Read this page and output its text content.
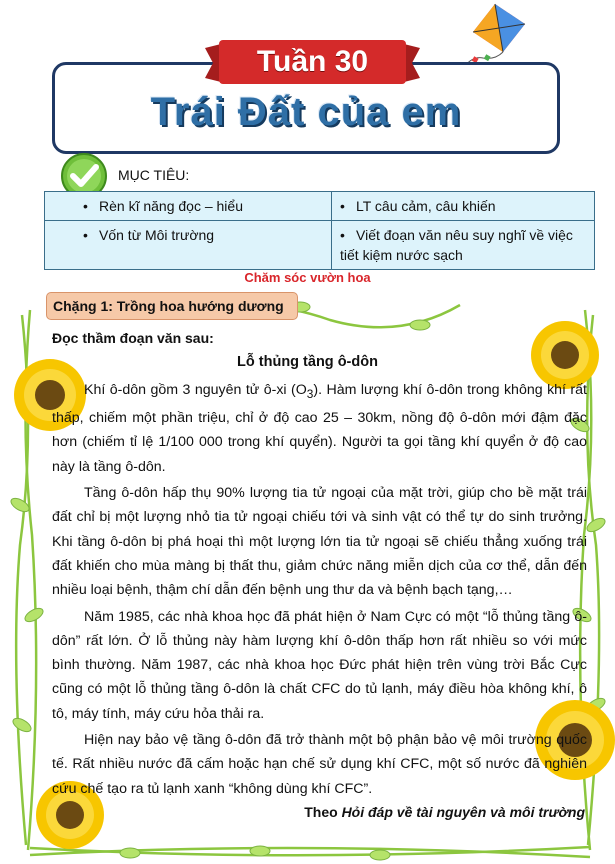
Tuần 30
Trái Đất của em
MỤC TIÊU:
• Rèn kĩ năng đọc – hiểu	• LT câu cảm, câu khiến
• Vốn từ Môi trường	• Viết đoạn văn nêu suy nghĩ về việc tiết kiệm nước sạch
Chăm sóc vườn hoa
Chặng 1: Trồng hoa hướng dương
Đọc thầm đoạn văn sau:
Lỗ thủng tầng ô-dôn

Khí ô-dôn gồm 3 nguyên tử ô-xi $(O_3)$. Hàm lượng khí ô-dôn trong không khí rất thấp, chiếm một phần triệu, chỉ ở độ cao 25 – 30km, nồng độ ô-dôn mới đậm đặc hơn (chiếm tỉ lệ 1/100 000 trong khí quyển). Người ta gọi tầng khí quyển ở độ cao này là tầng ô-dôn.

Tầng ô-dôn hấp thụ 90% lượng tia tử ngoại của mặt trời, giúp cho bề mặt trái đất chỉ bị một lượng nhỏ tia tử ngoại chiếu tới và sinh vật có thể tự do sinh trưởng. Khi tầng ô-dôn bị phá hoại thì một lượng lớn tia tử ngoại sẽ chiếu thẳng xuống trái đất khiến cho mùa màng bị thất thu, giảm chức năng miễn dịch của cơ thể, dẫn đến nhiều loại bệnh, thậm chí dẫn đến bệnh ung thư da và bệnh bạch tạng,…

Năm 1985, các nhà khoa học đã phát hiện ở Nam Cực có một “lỗ thủng tầng ô-dôn” rất lớn. Ở lỗ thủng này hàm lượng khí ô-dôn thấp hơn rất nhiều so với mức bình thường. Năm 1987, các nhà khoa học Đức phát hiện trên vùng trời Bắc Cực cũng có một lỗ thủng tầng ô-dôn là chất CFC do tủ lạnh, máy điều hòa không khí, ô tô, máy tính, máy cứu hỏa thải ra.

Hiện nay bảo vệ tầng ô-dôn đã trở thành một bộ phận bảo vệ môi trường quốc tế. Rất nhiều nước đã cấm hoặc hạn chế sử dụng khí CFC, một số nước đã nghiên cứu chế tạo ra tủ lạnh xanh “không dùng khí CFC”.

Theo Hỏi đáp về tài nguyên và môi trường
